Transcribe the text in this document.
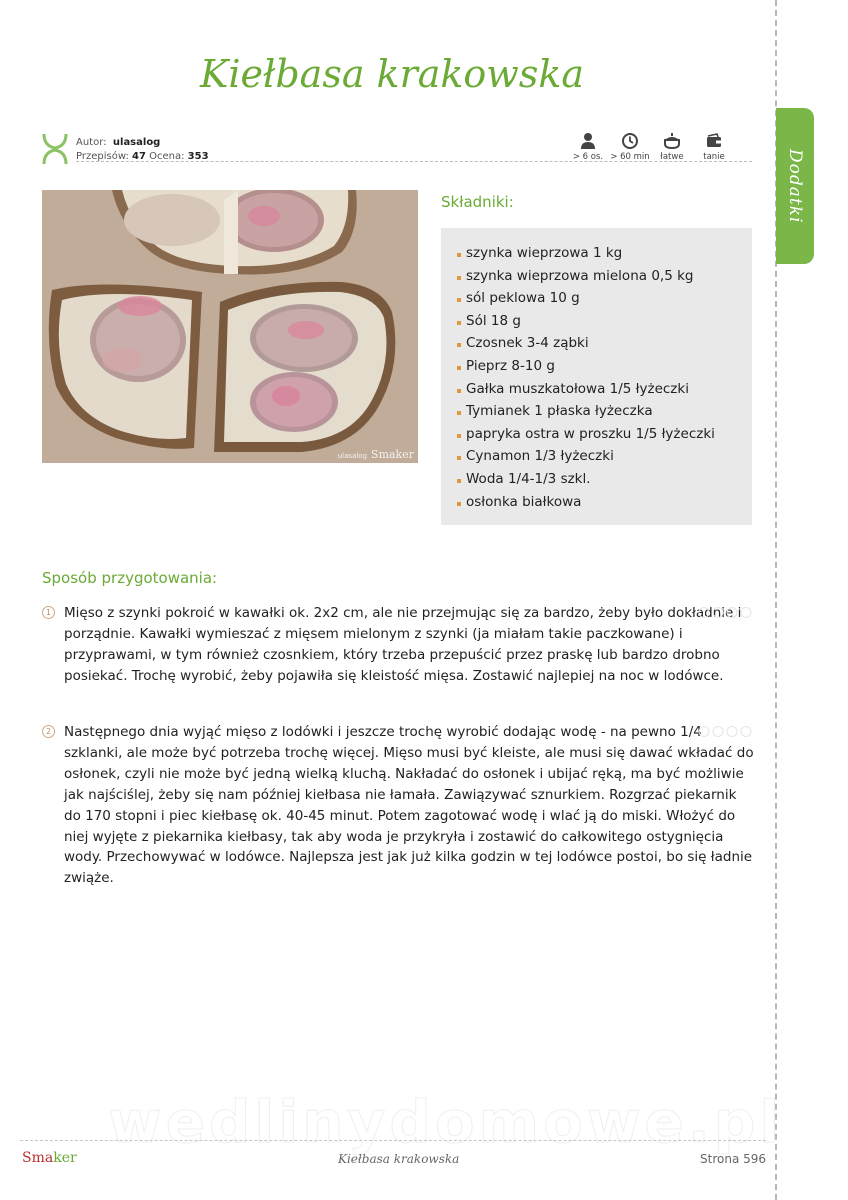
Dodatki
Kiełbasa krakowska
Autor: ulasalog
Przepisów: 47 Ocena: 353	> 6 os. > 60 min	łatwe	tanie
ulasalog Smaker
Składniki:
szynka wieprzowa 1 kg
szynka wieprzowa mielona 0,5 kg
sól peklowa 10 g
Sól 18 g
Czosnek 3-4 ząbki
Pieprz 8-10 g
Gałka muszkatołowa 1/5 łyżeczki
Tymianek 1 płaska łyżeczka
papryka ostra w proszku 1/5 łyżeczki
Cynamon 1/3 łyżeczki
Woda 1/4-1/3 szkl.
osłonka białkowa
Sposób przygotowania:
1 Mięso z szynki pokroić w kawałki ok. 2x2 cm, ale nie przejmując się za bardzo, żeby było dokładnie i porządnie. Kawałki wymieszać z mięsem mielonym z szynki (ja miałam takie paczkowane) i przyprawami, w tym również czosnkiem, który trzeba przepuścić przez praskę lub bardzo drobno posiekać. Trochę wyrobić, żeby pojawiła się kleistość mięsa. Zostawić najlepiej na noc w lodówce.

2 Następnego dnia wyjąć mięso z lodówki i jeszcze trochę wyrobić dodając wodę - na pewno 1/4 szklanki, ale może być potrzeba trochę więcej. Mięso musi być kleiste, ale musi się dawać wkładać do osłonek, czyli nie może być jedną wielką kluchą. Nakładać do osłonek i ubijać ręką, ma być możliwie jak najściślej, żeby się nam później kiełbasa nie łamała. Zawiązywać sznurkiem. Rozgrzać piekarnik do 170 stopni i piec kiełbasę ok. 40-45 minut. Potem zagotować wodę i wlać ją do miski. Włożyć do niej wyjęte z piekarnika kiełbasy, tak aby woda je przykryła i zostawić do całkowitego ostygnięcia wody. Przechowywać w lodówce. Najlepsza jest jak już kilka godzin w tej lodówce postoi, bo się ładnie zwiąże.

wedlinydomowe.pl
Smaker	Kiełbasa krakowska	Strona 596
